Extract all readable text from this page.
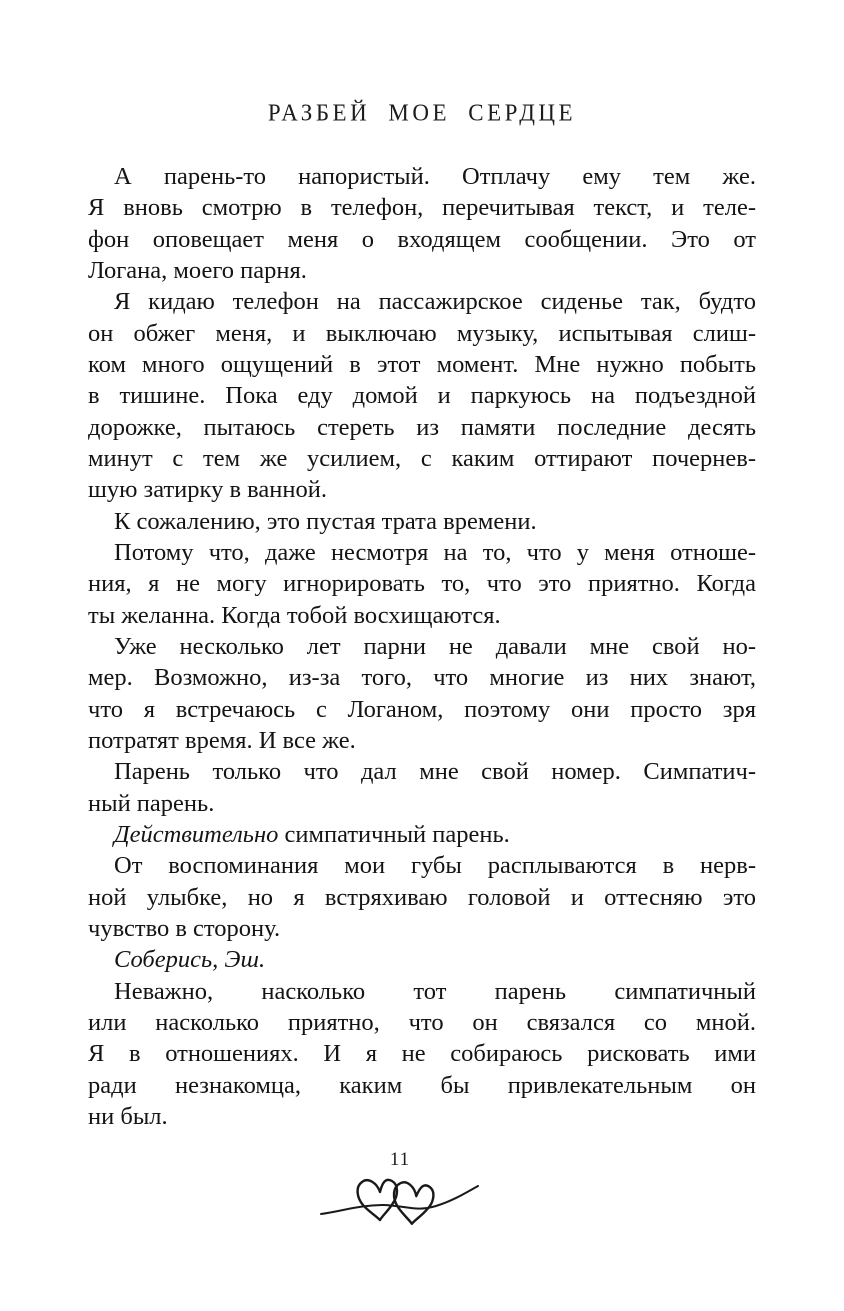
РАЗБЕЙ МОЕ СЕРДЦЕ
А парень-то напористый. Отплачу ему тем же.
Я вновь смотрю в телефон, перечитывая текст, и теле-
фон оповещает меня о входящем сообщении. Это от
Логана, моего парня.
Я кидаю телефон на пассажирское сиденье так, будто
он обжег меня, и выключаю музыку, испытывая слиш-
ком много ощущений в этот момент. Мне нужно побыть
в тишине. Пока еду домой и паркуюсь на подъездной
дорожке, пытаюсь стереть из памяти последние десять
минут с тем же усилием, с каким оттирают почернев-
шую затирку в ванной.
К сожалению, это пустая трата времени.
Потому что, даже несмотря на то, что у меня отноше-
ния, я не могу игнорировать то, что это приятно. Когда
ты желанна. Когда тобой восхищаются.
Уже несколько лет парни не давали мне свой но-
мер. Возможно, из-за того, что многие из них знают,
что я встречаюсь с Логаном, поэтому они просто зря
потратят время. И все же.
Парень только что дал мне свой номер. Симпатич-
ный парень.
Действительно симпатичный парень.
От воспоминания мои губы расплываются в нерв-
ной улыбке, но я встряхиваю головой и оттесняю это
чувство в сторону.
Соберись, Эш.
Неважно, насколько тот парень симпатичный
или насколько приятно, что он связался со мной.
Я в отношениях. И я не собираюсь рисковать ими
ради незнакомца, каким бы привлекательным он
ни был.
11
